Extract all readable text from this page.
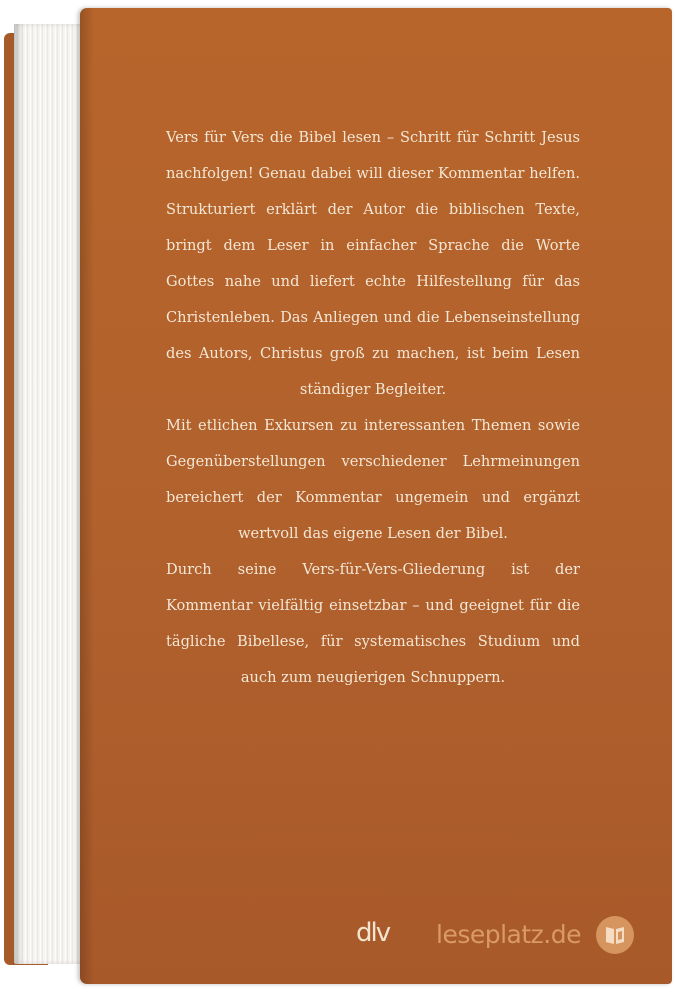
Vers für Vers die Bibel lesen – Schritt für Schritt Jesus nachfolgen! Genau dabei will dieser Kommentar helfen. Strukturiert erklärt der Autor die biblischen Texte, bringt dem Leser in einfacher Sprache die Worte Gottes nahe und liefert echte Hilfestellung für das Christenleben. Das Anliegen und die Lebenseinstellung des Autors, Christus groß zu machen, ist beim Lesen ständiger Begleiter.

Mit etlichen Exkursen zu interessanten Themen sowie Gegenüberstellungen verschiedener Lehrmeinungen bereichert der Kommentar ungemein und ergänzt wertvoll das eigene Lesen der Bibel.

Durch seine Vers-für-Vers-Gliederung ist der Kommentar vielfältig einsetzbar – und geeignet für die tägliche Bibellese, für systematisches Studium und auch zum neugierigen Schnuppern.

dlv leseplatz.de
